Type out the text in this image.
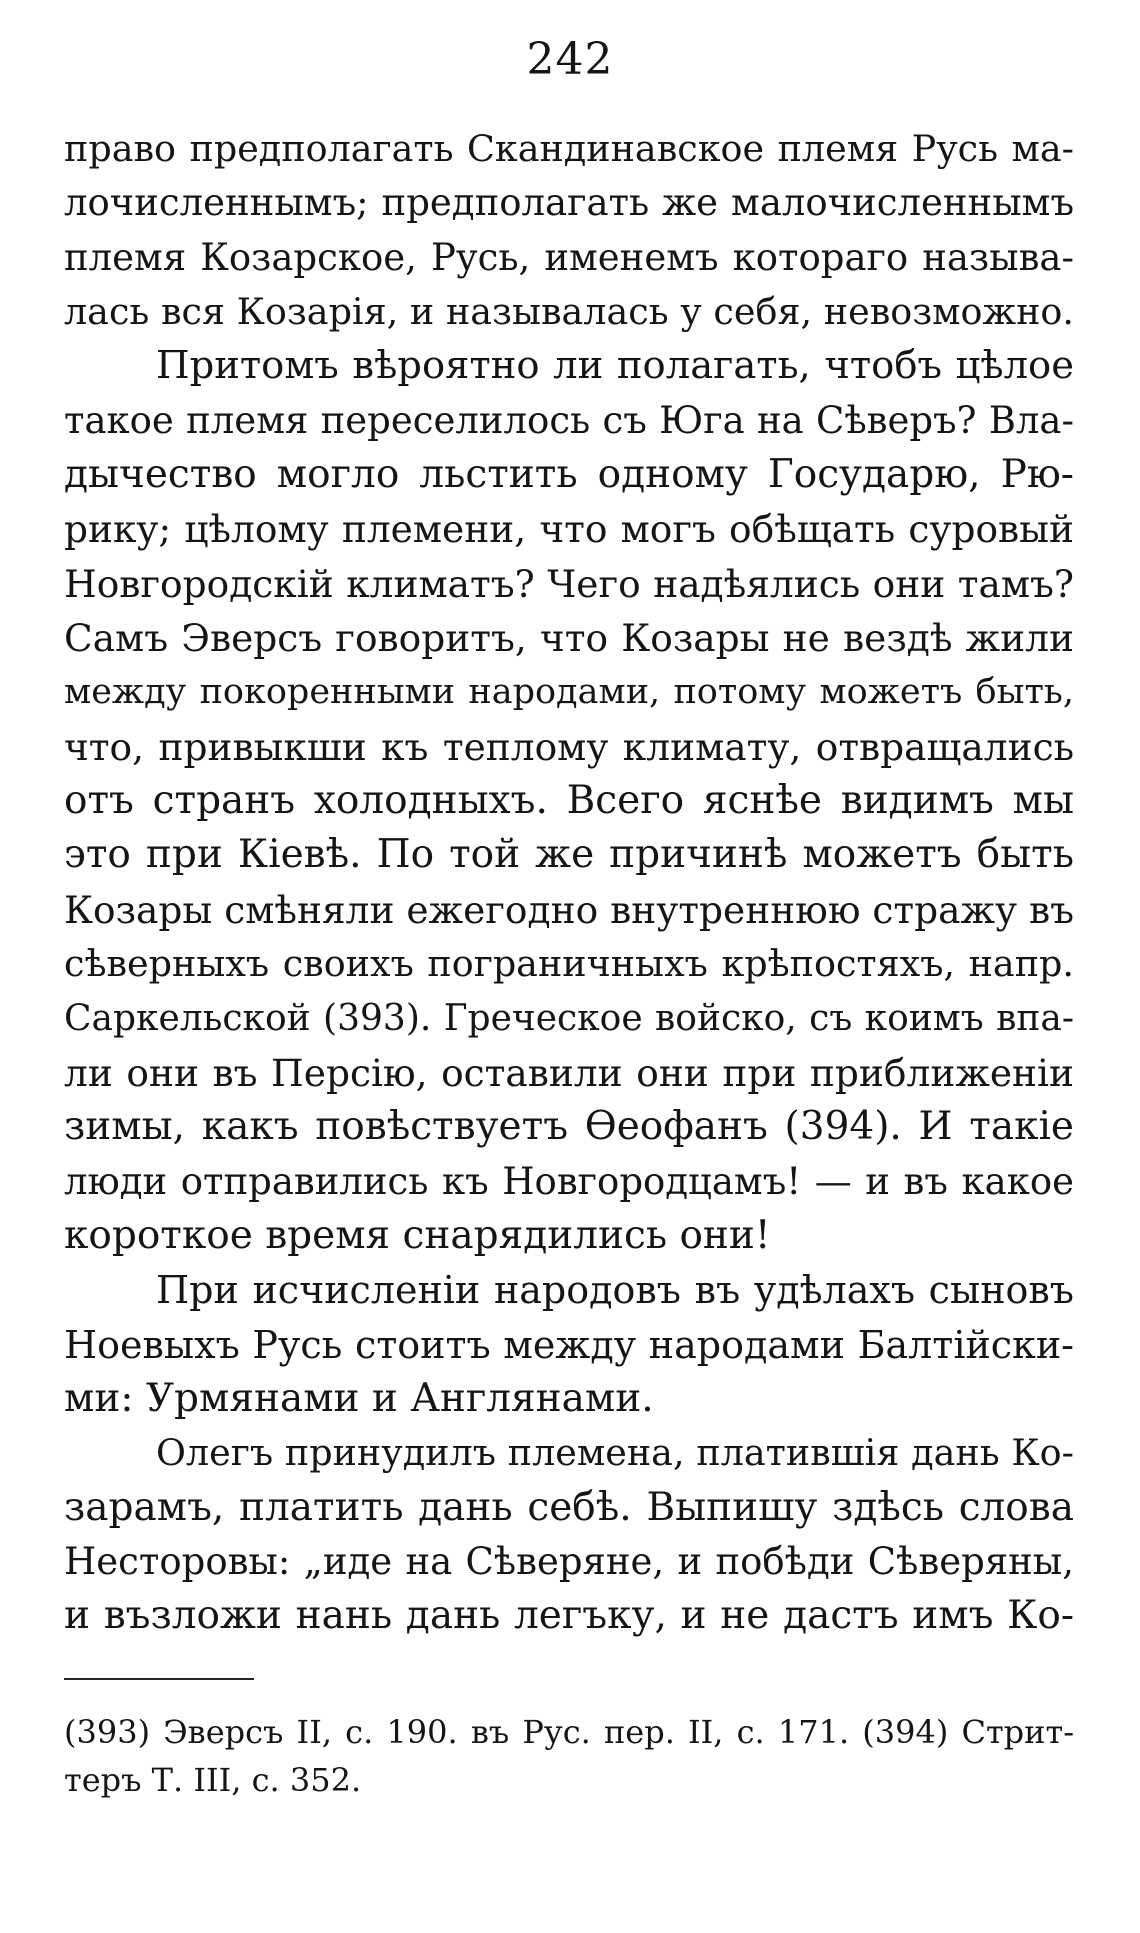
242
право предполагать Скандинавское племя Русь ма-
лочисленнымъ; предполагать же малочисленнымъ
племя Козарское, Русь, именемъ котораго называ-
лась вся Козарія, и называлась у себя, невозможно.
Притомъ вѣроятно ли полагать, чтобъ цѣлое
такое племя переселилось съ Юга на Сѣверъ? Вла-
дычество могло льстить одному Государю, Рю-
рику; цѣлому племени, что могъ обѣщать суровый
Новгородскій климатъ? Чего надѣялись они тамъ?
Самъ Эверсъ говоритъ, что Козары не вездѣ жили
между покоренными народами, потому можетъ быть,
что, привыкши къ теплому климату, отвращались
отъ странъ холодныхъ. Всего яснѣе видимъ мы
это при Кіевѣ. По той же причинѣ можетъ быть
Козары смѣняли ежегодно внутреннюю стражу въ
сѣверныхъ своихъ пограничныхъ крѣпостяхъ, напр.
Саркельской (393). Греческое войско, съ коимъ впа-
ли они въ Персію, оставили они при приближеніи
зимы, какъ повѣствуетъ Ѳеофанъ (394). И такіе
люди отправились къ Новгородцамъ! — и въ какое
короткое время снарядились они!
При исчисленіи народовъ въ удѣлахъ сыновъ
Ноевыхъ Русь стоитъ между народами Балтійски-
ми: Урмянами и Англянами.
Олегъ принудилъ племена, платившія дань Ко-
зарамъ, платить дань себѣ. Выпишу здѣсь слова
Несторовы: „иде на Сѣверяне, и побѣди Сѣверяны,
и възложи нань дань легъку, и не дастъ имъ Ко-
(393) Эверсъ II, с. 190. въ Рус. пер. II, с. 171. (394) Стрит-
теръ Т. III, с. 352.
